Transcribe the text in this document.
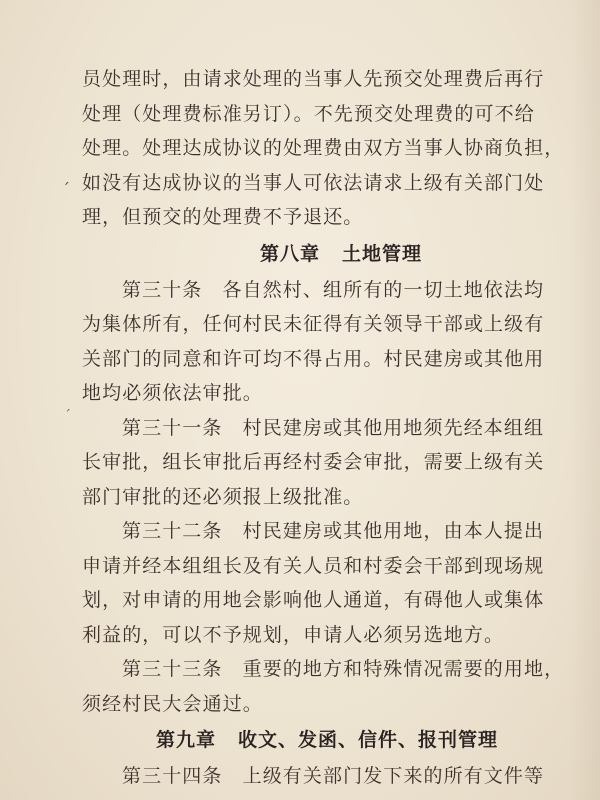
员处理时，由请求处理的当事人先预交处理费后再行
处理（处理费标准另订）。不先预交处理费的可不给
处理。处理达成协议的处理费由双方当事人协商负担，
如没有达成协议的当事人可依法请求上级有关部门处
理，但预交的处理费不予退还。
第八章 土地管理
第三十条　各自然村、组所有的一切土地依法均
为集体所有，任何村民未征得有关领导干部或上级有
关部门的同意和许可均不得占用。村民建房或其他用
地均必须依法审批。
第三十一条　村民建房或其他用地须先经本组组
长审批，组长审批后再经村委会审批，需要上级有关
部门审批的还必须报上级批准。
第三十二条　村民建房或其他用地，由本人提出
申请并经本组组长及有关人员和村委会干部到现场规
划，对申请的用地会影响他人通道，有碍他人或集体
利益的，可以不予规划，申请人必须另选地方。
第三十三条　重要的地方和特殊情况需要的用地，
须经村民大会通过。
第九章 收文、发函、信件、报刊管理
第三十四条　上级有关部门发下来的所有文件等
ˊ
ˊ
